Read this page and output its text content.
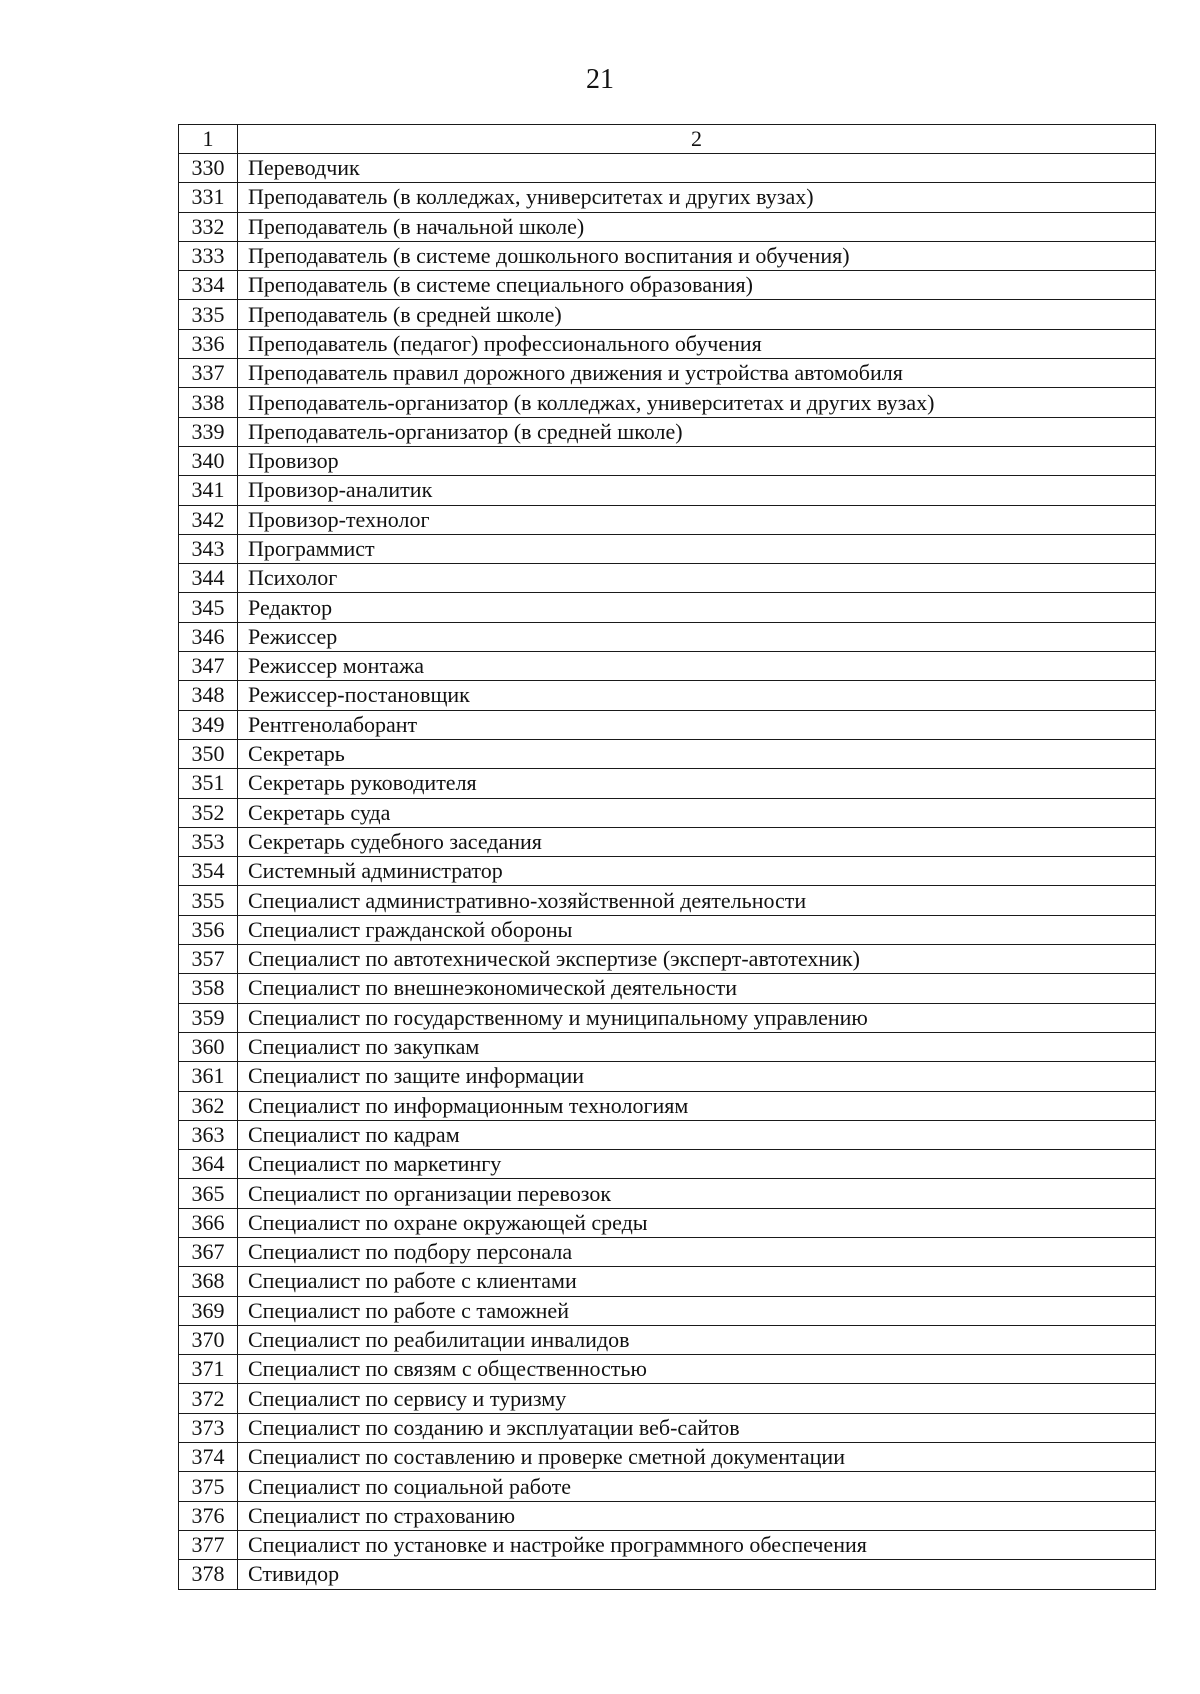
21
1	2
330	Переводчик
331	Преподаватель (в колледжах, университетах и других вузах)
332	Преподаватель (в начальной школе)
333	Преподаватель (в системе дошкольного воспитания и обучения)
334	Преподаватель (в системе специального образования)
335	Преподаватель (в средней школе)
336	Преподаватель (педагог) профессионального обучения
337	Преподаватель правил дорожного движения и устройства автомобиля
338	Преподаватель-организатор (в колледжах, университетах и других вузах)
339	Преподаватель-организатор (в средней школе)
340	Провизор
341	Провизор-аналитик
342	Провизор-технолог
343	Программист
344	Психолог
345	Редактор
346	Режиссер
347	Режиссер монтажа
348	Режиссер-постановщик
349	Рентгенолаборант
350	Секретарь
351	Секретарь руководителя
352	Секретарь суда
353	Секретарь судебного заседания
354	Системный администратор
355	Специалист административно-хозяйственной деятельности
356	Специалист гражданской обороны
357	Специалист по автотехнической экспертизе (эксперт-автотехник)
358	Специалист по внешнеэкономической деятельности
359	Специалист по государственному и муниципальному управлению
360	Специалист по закупкам
361	Специалист по защите информации
362	Специалист по информационным технологиям
363	Специалист по кадрам
364	Специалист по маркетингу
365	Специалист по организации перевозок
366	Специалист по охране окружающей среды
367	Специалист по подбору персонала
368	Специалист по работе с клиентами
369	Специалист по работе с таможней
370	Специалист по реабилитации инвалидов
371	Специалист по связям с общественностью
372	Специалист по сервису и туризму
373	Специалист по созданию и эксплуатации веб-сайтов
374	Специалист по составлению и проверке сметной документации
375	Специалист по социальной работе
376	Специалист по страхованию
377	Специалист по установке и настройке программного обеспечения
378	Стивидор
